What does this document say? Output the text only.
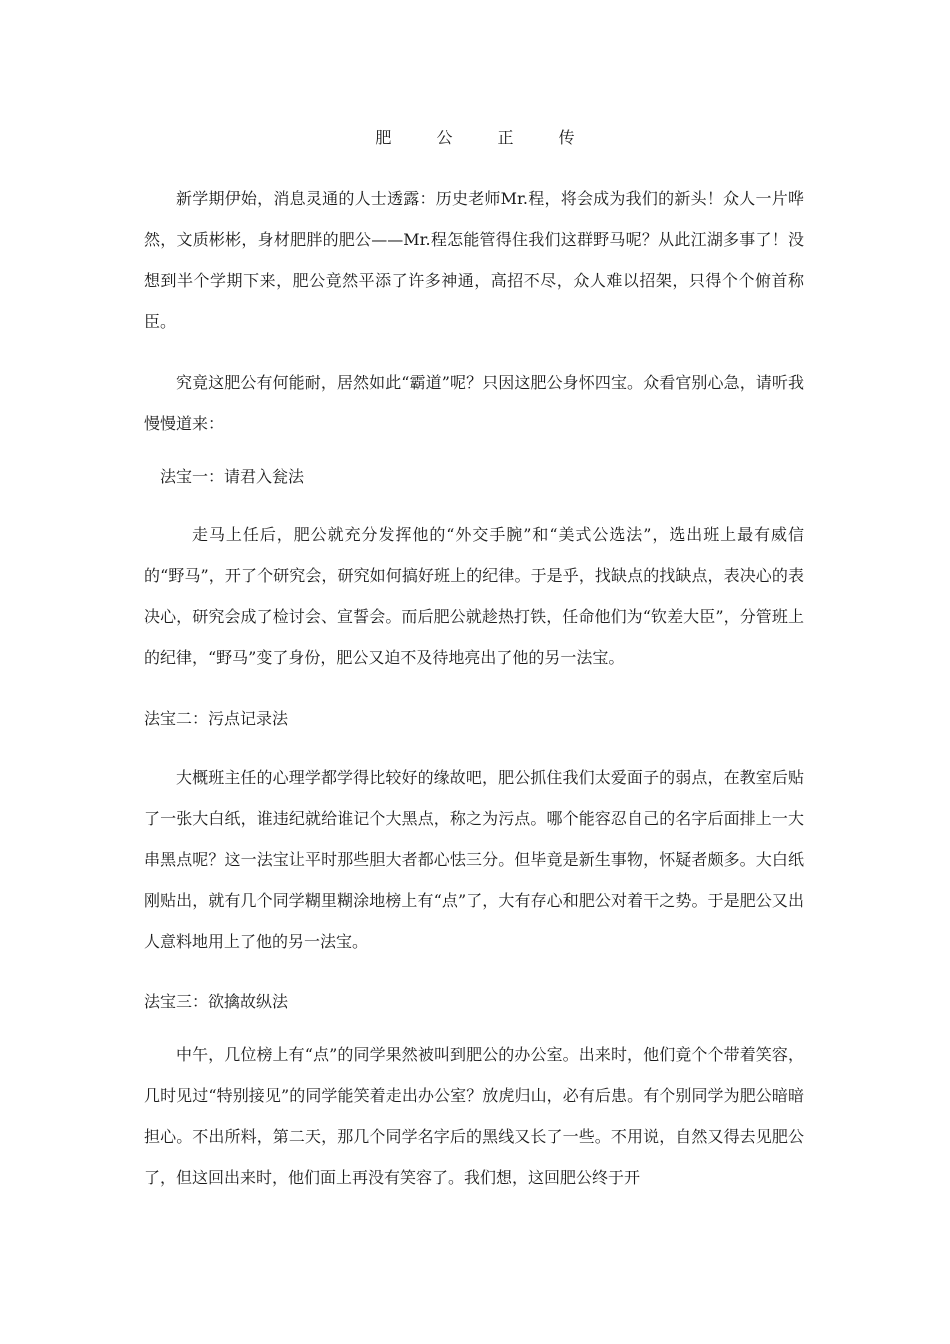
肥 公 正 传

新学期伊始，消息灵通的人士透露：历史老师Mr.程，将会成为我们的新头！众人一片哗然，文质彬彬，身材肥胖的肥公——Mr.程怎能管得住我们这群野马呢？从此江湖多事了！没想到半个学期下来，肥公竟然平添了许多神通，高招不尽，众人难以招架，只得个个俯首称臣。

究竟这肥公有何能耐，居然如此“霸道”呢？只因这肥公身怀四宝。众看官别心急，请听我慢慢道来：

法宝一：请君入瓮法

走马上任后，肥公就充分发挥他的“外交手腕”和“美式公选法”，选出班上最有威信的“野马”，开了个研究会，研究如何搞好班上的纪律。于是乎，找缺点的找缺点，表决心的表决心，研究会成了检讨会、宣誓会。而后肥公就趁热打铁，任命他们为“钦差大臣”，分管班上的纪律，“野马”变了身份，肥公又迫不及待地亮出了他的另一法宝。

法宝二：污点记录法

大概班主任的心理学都学得比较好的缘故吧，肥公抓住我们太爱面子的弱点，在教室后贴了一张大白纸，谁违纪就给谁记个大黑点，称之为污点。哪个能容忍自己的名字后面排上一大串黑点呢？这一法宝让平时那些胆大者都心怯三分。但毕竟是新生事物，怀疑者颇多。大白纸刚贴出，就有几个同学糊里糊涂地榜上有“点”了，大有存心和肥公对着干之势。于是肥公又出人意料地用上了他的另一法宝。

法宝三：欲擒故纵法

中午，几位榜上有“点”的同学果然被叫到肥公的办公室。出来时，他们竟个个带着笑容，几时见过“特别接见”的同学能笑着走出办公室？放虎归山，必有后患。有个别同学为肥公暗暗担心。不出所料，第二天，那几个同学名字后的黑线又长了一些。不用说，自然又得去见肥公了，但这回出来时，他们面上再没有笑容了。我们想，这回肥公终于开
